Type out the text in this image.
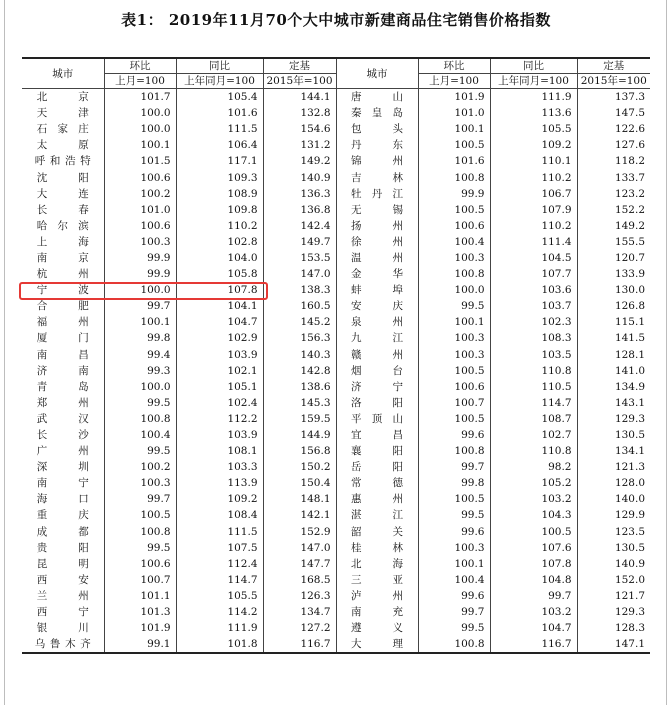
表1： 2019年11月70个大中城市新建商品住宅销售价格指数
城市	环比	同比	定基	城市	环比	同比	定基
	上月=100	上年同月=100	2015年=100		上月=100	上年同月=100	2015年=100
北京	101.7	105.4	144.1	唐山	101.9	111.9	137.3
天津	100.0	101.6	132.8	秦皇岛	101.0	113.6	147.5
石家庄	100.0	111.5	154.6	包头	100.1	105.5	122.6
太原	100.1	106.4	131.2	丹东	100.5	109.2	127.6
呼和浩特	101.5	117.1	149.2	锦州	101.6	110.1	118.2
沈阳	100.6	109.3	140.9	吉林	100.8	110.2	133.7
大连	100.2	108.9	136.3	牡丹江	99.9	106.7	123.2
长春	101.0	109.8	136.8	无锡	100.5	107.9	152.2
哈尔滨	100.6	110.2	142.4	扬州	100.6	110.2	149.2
上海	100.3	102.8	149.7	徐州	100.4	111.4	155.5
南京	99.9	104.0	153.5	温州	100.3	104.5	120.7
杭州	99.9	105.8	147.0	金华	100.8	107.7	133.9
宁波	100.0	107.8	138.3	蚌埠	100.0	103.6	130.0
合肥	99.7	104.1	160.5	安庆	99.5	103.7	126.8
福州	100.1	104.7	145.2	泉州	100.1	102.3	115.1
厦门	99.8	102.9	156.3	九江	100.3	108.3	141.5
南昌	99.4	103.9	140.3	赣州	100.3	103.5	128.1
济南	99.3	102.1	142.8	烟台	100.5	110.8	141.0
青岛	100.0	105.1	138.6	济宁	100.6	110.5	134.9
郑州	99.5	102.4	145.3	洛阳	100.7	114.7	143.1
武汉	100.8	112.2	159.5	平顶山	100.5	108.7	129.3
长沙	100.4	103.9	144.9	宜昌	99.6	102.7	130.5
广州	99.5	108.1	156.8	襄阳	100.8	110.8	134.1
深圳	100.2	103.3	150.2	岳阳	99.7	98.2	121.3
南宁	100.3	113.9	150.4	常德	99.8	105.2	128.0
海口	99.7	109.2	148.1	惠州	100.5	103.2	140.0
重庆	100.5	108.4	142.1	湛江	99.5	104.3	129.9
成都	100.8	111.5	152.9	韶关	99.6	100.5	123.5
贵阳	99.5	107.5	147.0	桂林	100.3	107.6	130.5
昆明	100.6	112.4	147.7	北海	100.1	107.8	140.9
西安	100.7	114.7	168.5	三亚	100.4	104.8	152.0
兰州	101.1	105.5	126.3	泸州	99.6	99.7	121.7
西宁	101.3	114.2	134.7	南充	99.7	103.2	129.3
银川	101.9	111.9	127.2	遵义	99.5	104.7	128.3
乌鲁木齐	99.1	101.8	116.7	大理	100.8	116.7	147.1
